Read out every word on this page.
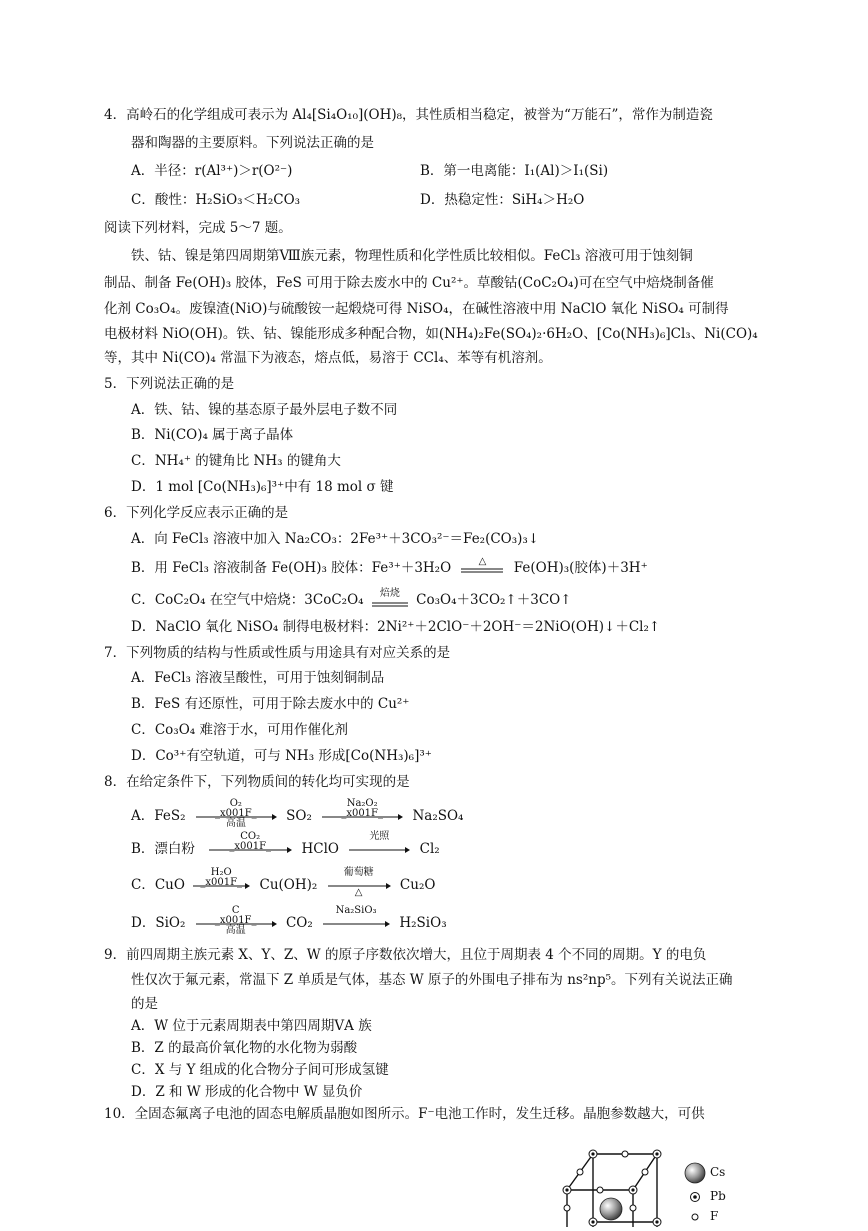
4．高岭石的化学组成可表示为 Al₄[Si₄O₁₀](OH)₈，其性质相当稳定，被誉为“万能石”，常作为制造瓷
器和陶器的主要原料。下列说法正确的是
A．半径：r(Al³⁺)＞r(O²⁻)	B．第一电离能：I₁(Al)＞I₁(Si)
C．酸性：H₂SiO₃＜H₂CO₃	D．热稳定性：SiH₄＞H₂O
阅读下列材料，完成 5～7 题。
铁、钴、镍是第四周期第Ⅷ族元素，物理性质和化学性质比较相似。FeCl₃ 溶液可用于蚀刻铜
制品、制备 Fe(OH)₃ 胶体，FeS 可用于除去废水中的 Cu²⁺。草酸钴(CoC₂O₄)可在空气中焙烧制备催
化剂 Co₃O₄。废镍渣(NiO)与硫酸铵一起煅烧可得 NiSO₄，在碱性溶液中用 NaClO 氧化 NiSO₄ 可制得
电极材料 NiO(OH)。铁、钴、镍能形成多种配合物，如(NH₄)₂Fe(SO₄)₂·6H₂O、[Co(NH₃)₆]Cl₃、Ni(CO)₄
等，其中 Ni(CO)₄ 常温下为液态，熔点低，易溶于 CCl₄、苯等有机溶剂。
5．下列说法正确的是
A．铁、钴、镍的基态原子最外层电子数不同
B．Ni(CO)₄ 属于离子晶体
C．NH₄⁺ 的键角比 NH₃ 的键角大
D．1 mol [Co(NH₃)₆]³⁺中有 18 mol σ 键
6．下列化学反应表示正确的是
A．向 FeCl₃ 溶液中加入 Na₂CO₃：2Fe³⁺＋3CO₃²⁻＝Fe₂(CO₃)₃↓
B．用 FeCl₃ 溶液制备 Fe(OH)₃ 胶体：Fe³⁺＋3H₂O	△	Fe(OH)₃(胶体)＋3H⁺
C．CoC₂O₄ 在空气中焙烧：3CoC₂O₄	焙烧	Co₃O₄＋3CO₂↑＋3CO↑
D．NaClO 氧化 NiSO₄ 制得电极材料：2Ni²⁺＋2ClO⁻＋2OH⁻＝2NiO(OH)↓＋Cl₂↑
7．下列物质的结构与性质或性质与用途具有对应关系的是
A．FeCl₃ 溶液呈酸性，可用于蚀刻铜制品
B．FeS 有还原性，可用于除去废水中的 Cu²⁺
C．Co₃O₄ 难溶于水，可用作催化剂
D．Co³⁺有空轨道，可与 NH₃ 形成[Co(NH₃)₆]³⁺
8．在给定条件下，下列物质间的转化均可实现的是
A．FeS₂
O₂
_x001F_
高温	SO₂
Na₂O₂
_x001F_	Na₂SO₄
B．漂白粉
CO₂
_x001F_	HClO
光照
Cl₂
C．CuO
H₂O
_x001F_	Cu(OH)₂
葡萄糖
△	Cu₂O
D．SiO₂
C
_x001F_
高温	CO₂
Na₂SiO₃
H₂SiO₃
9．前四周期主族元素 X、Y、Z、W 的原子序数依次增大，且位于周期表 4 个不同的周期。Y 的电负
性仅次于氟元素，常温下 Z 单质是气体，基态 W 原子的外围电子排布为 ns²np⁵。下列有关说法正确
的是
A．W 位于元素周期表中第四周期ⅤA 族
B．Z 的最高价氧化物的水化物为弱酸
C．X 与 Y 组成的化合物分子间可形成氢键
D．Z 和 W 形成的化合物中 W 显负价
10．全固态氟离子电池的固态电解质晶胞如图所示。F⁻电池工作时，发生迁移。晶胞参数越大，可供
Cs
Pb
F
